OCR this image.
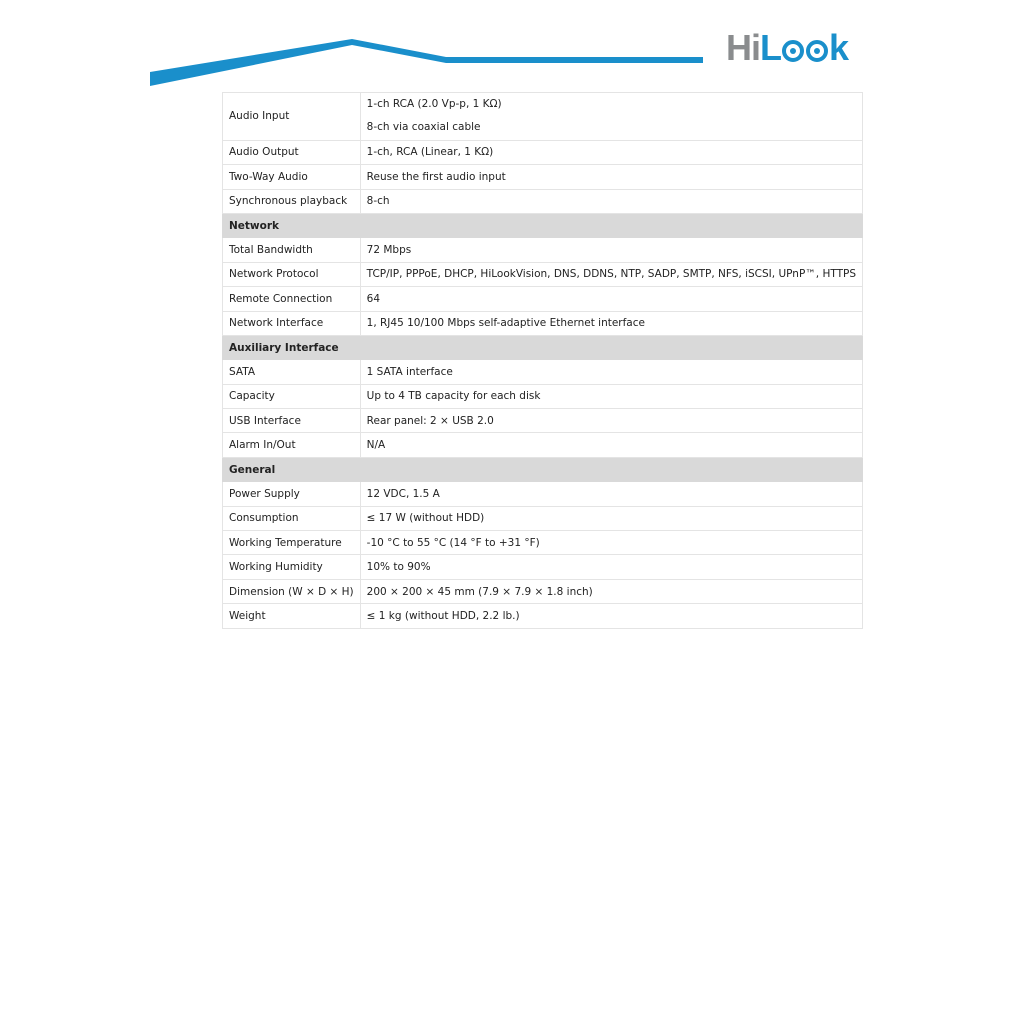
Hi L k
Audio Input	1-ch RCA (2.0 Vp-p, 1 KΩ)
8-ch via coaxial cable

Audio Output	1-ch, RCA (Linear, 1 KΩ)
Two-Way Audio	Reuse the first audio input
Synchronous playback	8-ch
Network	
Total Bandwidth	72 Mbps
Network Protocol	TCP/IP, PPPoE, DHCP, HiLookVision, DNS, DDNS, NTP, SADP, SMTP, NFS, iSCSI, UPnP™, HTTPS
Remote Connection	64
Network Interface	1, RJ45 10/100 Mbps self-adaptive Ethernet interface
Auxiliary Interface	
SATA	1 SATA interface
Capacity	Up to 4 TB capacity for each disk
USB Interface	Rear panel: 2 × USB 2.0
Alarm In/Out	N/A
General	
Power Supply	12 VDC, 1.5 A
Consumption	≤ 17 W (without HDD)
Working Temperature	-10 °C to 55 °C (14 °F to +31 °F)
Working Humidity	10% to 90%
Dimension (W × D × H)	200 × 200 × 45 mm (7.9 × 7.9 × 1.8 inch)
Weight	≤ 1 kg (without HDD, 2.2 lb.)
